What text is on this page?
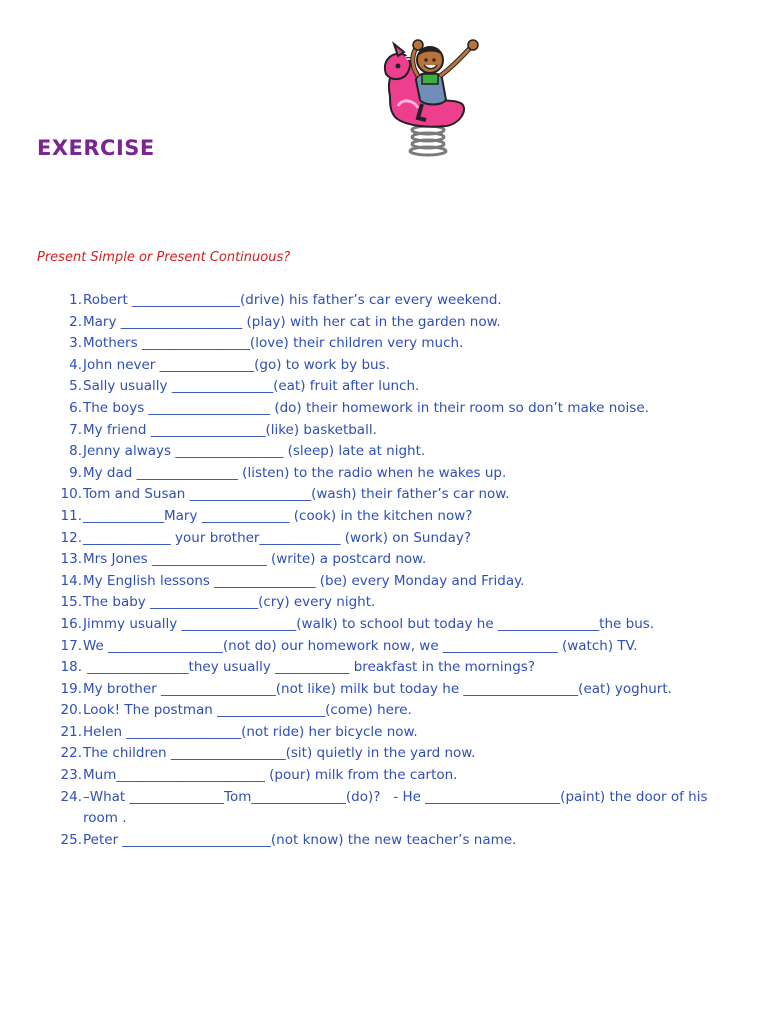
EXERCISE
Present Simple or Present Continuous?
1. Robert ________________(drive) his father’s car every weekend.
2. Mary __________________ (play) with her cat in the garden now.
3. Mothers ________________(love) their children very much.
4. John never ______________(go) to work by bus.
5. Sally usually _______________(eat) fruit after lunch.
6. The boys __________________ (do) their homework in their room so don’t make noise.
7. My friend _________________(like) basketball.
8. Jenny always ________________ (sleep) late at night.
9. My dad _______________ (listen) to the radio when he wakes up.
10. Tom and Susan __________________(wash) their father’s car now.
11. ____________Mary _____________ (cook) in the kitchen now?
12. _____________ your brother____________ (work) on Sunday?
13. Mrs Jones _________________ (write) a postcard now.
14. My English lessons _______________ (be) every Monday and Friday.
15. The baby ________________(cry) every night.
16. Jimmy usually _________________(walk) to school but today he _______________the bus.
17. We _________________(not do) our homework now, we _________________ (watch) TV.
18. _______________they usually ___________ breakfast in the mornings?
19. My brother _________________(not like) milk but today he _________________(eat) yoghurt.
20. Look! The postman ________________(come) here.
21. Helen _________________(not ride) her bicycle now.
22. The children _________________(sit) quietly in the yard now.
23. Mum______________________ (pour) milk from the carton.
24. –What ______________Tom______________(do)?   - He ____________________(paint) the door of his room .
25. Peter ______________________(not know) the new teacher’s name.
